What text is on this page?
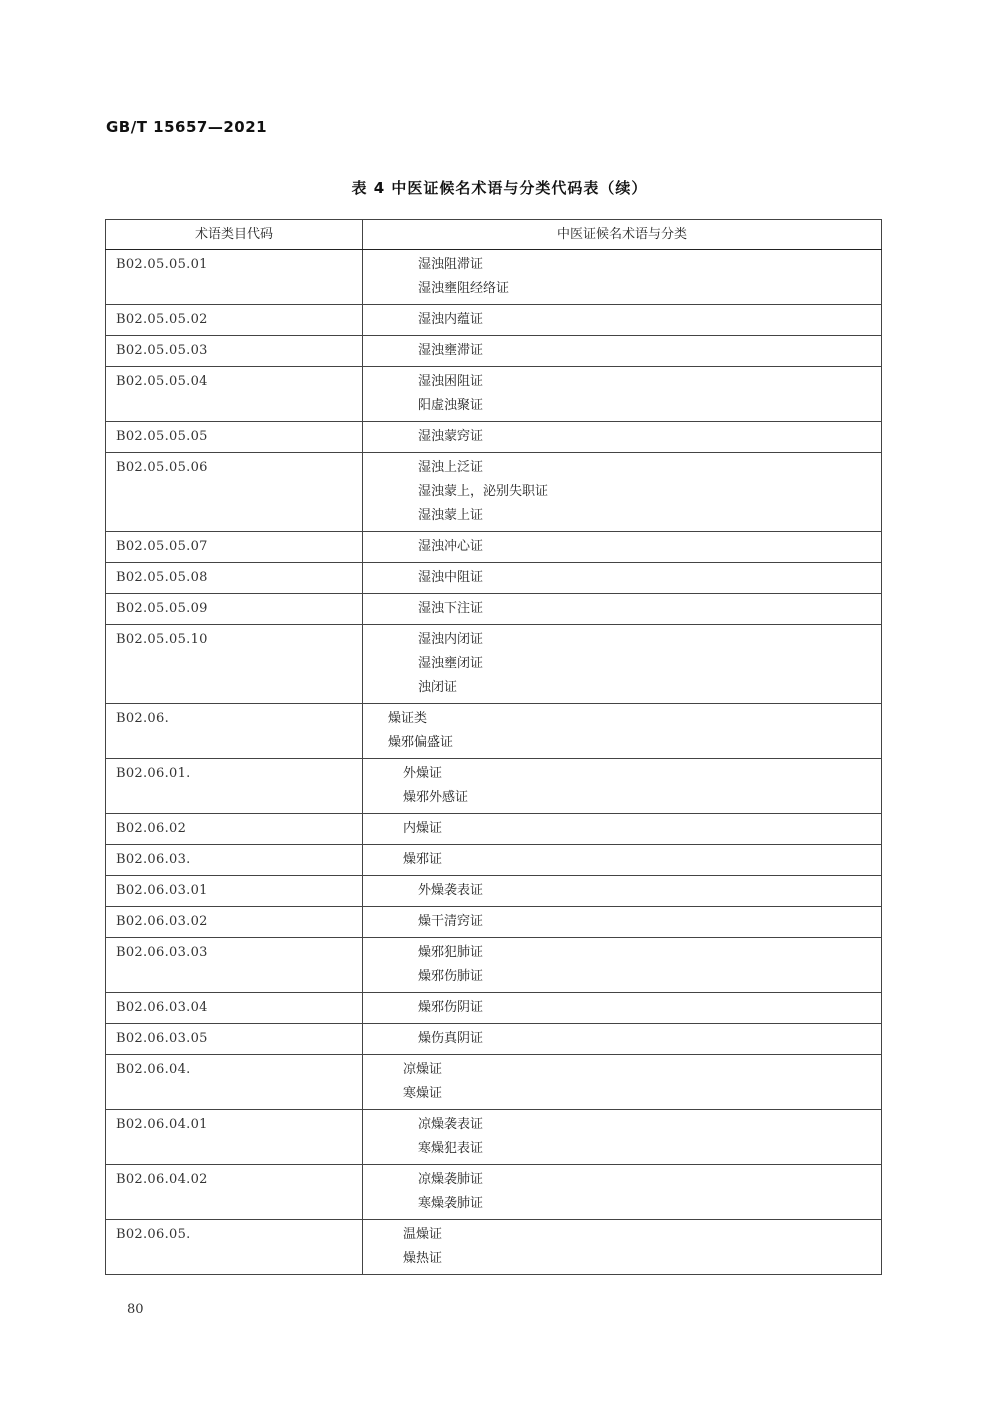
GB/T 15657—2021
表 4 中医证候名术语与分类代码表（续）
术语类目代码	中医证候名术语与分类
B02.05.05.01	湿浊阻滞证
湿浊壅阻经络证

B02.05.05.02	湿浊内蕴证

B02.05.05.03	湿浊壅滞证

B02.05.05.04	湿浊困阻证
阳虚浊聚证

B02.05.05.05	湿浊蒙窍证

B02.05.05.06	湿浊上泛证
湿浊蒙上，泌别失职证
湿浊蒙上证

B02.05.05.07	湿浊冲心证

B02.05.05.08	湿浊中阻证

B02.05.05.09	湿浊下注证

B02.05.05.10	湿浊内闭证
湿浊壅闭证
浊闭证

B02.06.	燥证类
燥邪偏盛证

B02.06.01.	外燥证
燥邪外感证

B02.06.02	内燥证

B02.06.03.	燥邪证

B02.06.03.01	外燥袭表证

B02.06.03.02	燥干清窍证

B02.06.03.03	燥邪犯肺证
燥邪伤肺证

B02.06.03.04	燥邪伤阴证

B02.06.03.05	燥伤真阴证

B02.06.04.	凉燥证
寒燥证

B02.06.04.01	凉燥袭表证
寒燥犯表证

B02.06.04.02	凉燥袭肺证
寒燥袭肺证

B02.06.05.	温燥证
燥热证
80
